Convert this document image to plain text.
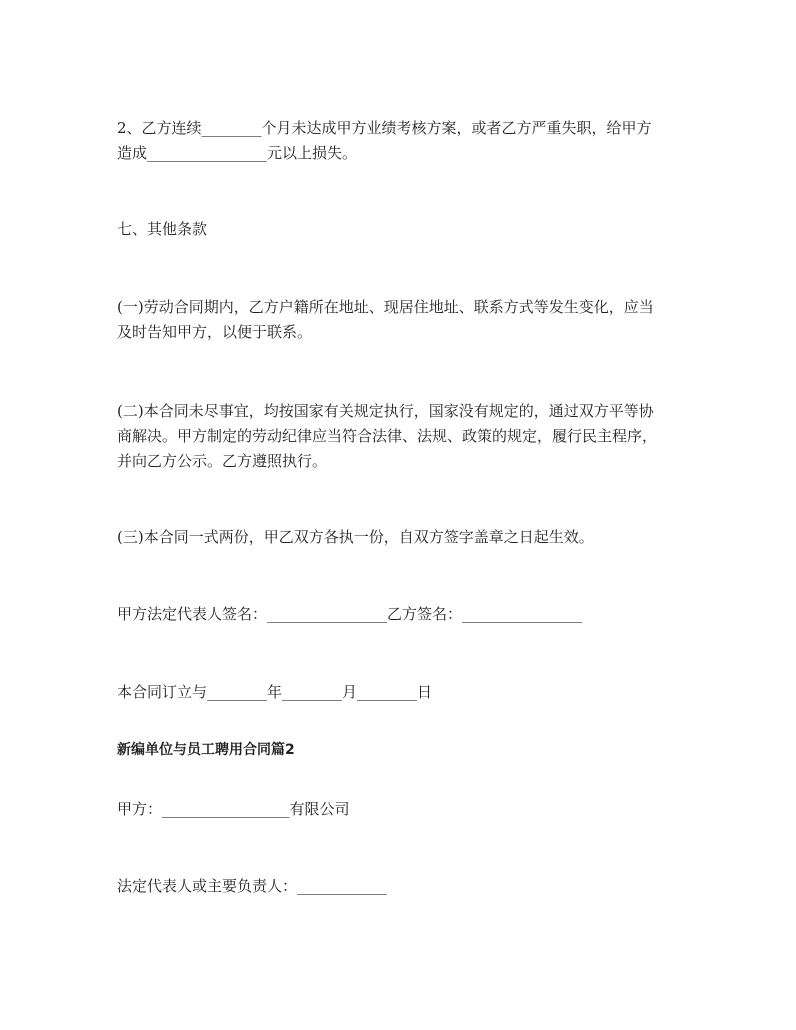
2、乙方连续________个月未达成甲方业绩考核方案，或者乙方严重失职，给甲方
造成________________元以上损失。
七、其他条款
(一)劳动合同期内，乙方户籍所在地址、现居住地址、联系方式等发生变化，应当
及时告知甲方，以便于联系。
(二)本合同未尽事宜，均按国家有关规定执行，国家没有规定的，通过双方平等协
商解决。甲方制定的劳动纪律应当符合法律、法规、政策的规定，履行民主程序，
并向乙方公示。乙方遵照执行。
(三)本合同一式两份，甲乙双方各执一份，自双方签字盖章之日起生效。
甲方法定代表人签名：________________乙方签名：________________
本合同订立与________年________月________日
新编单位与员工聘用合同篇2
甲方：_________________有限公司
法定代表人或主要负责人：____________
